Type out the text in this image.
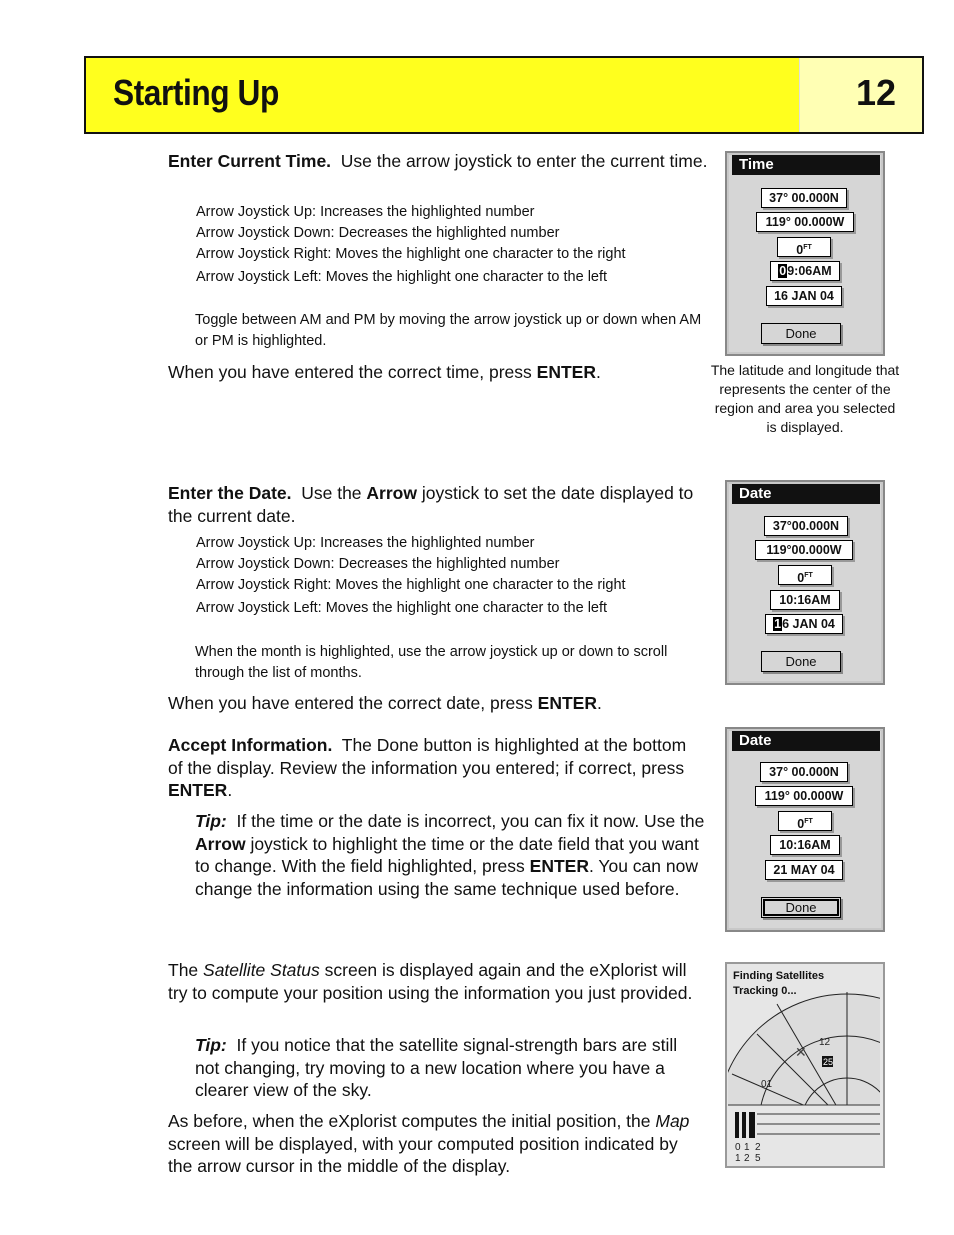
Starting Up	12
Enter Current Time. Use the arrow joystick to enter the current time.
Arrow Joystick Up: Increases the highlighted number
Arrow Joystick Down: Decreases the highlighted number
Arrow Joystick Right: Moves the highlight one character to the right
Arrow Joystick Left: Moves the highlight one character to the left
Toggle between AM and PM by moving the arrow joystick up or down when AM or PM is highlighted.
When you have entered the correct time, press ENTER.
Time
37° 00.000N
119° 00.000W
$0^{FT}$
09:06AM
16 JAN 04
Done
The latitude and longitude that represents the center of the region and area you selected is displayed.
Enter the Date. Use the Arrow joystick to set the date displayed to the current date.
Arrow Joystick Up: Increases the highlighted number
Arrow Joystick Down: Decreases the highlighted number
Arrow Joystick Right: Moves the highlight one character to the right
Arrow Joystick Left: Moves the highlight one character to the left
When the month is highlighted, use the arrow joystick up or down to scroll through the list of months.
When you have entered the correct date, press ENTER.
Date
37°00.000N
119°00.000W
$0^{FT}$
10:16AM
16 JAN 04
Done
Accept Information. The Done button is highlighted at the bottom of the display. Review the information you entered; if correct, press ENTER.
Tip: If the time or the date is incorrect, you can fix it now. Use the Arrow joystick to highlight the time or the date field that you want to change. With the field highlighted, press ENTER. You can now change the information using the same technique used before.
Date
37° 00.000N
119° 00.000W
$0^{FT}$
10:16AM
21 MAY 04
Done
The Satellite Status screen is displayed again and the eXplorist will try to compute your position using the information you just provided.
Tip: If you notice that the satellite signal-strength bars are still not changing, try moving to a new location where you have a clearer view of the sky.
As before, when the eXplorist computes the initial position, the Map screen will be displayed, with your computed position indicated by the arrow cursor in the middle of the display.
Finding Satellites
Tracking 0...
12
25
01
✕
0 1 2
1 2 5
